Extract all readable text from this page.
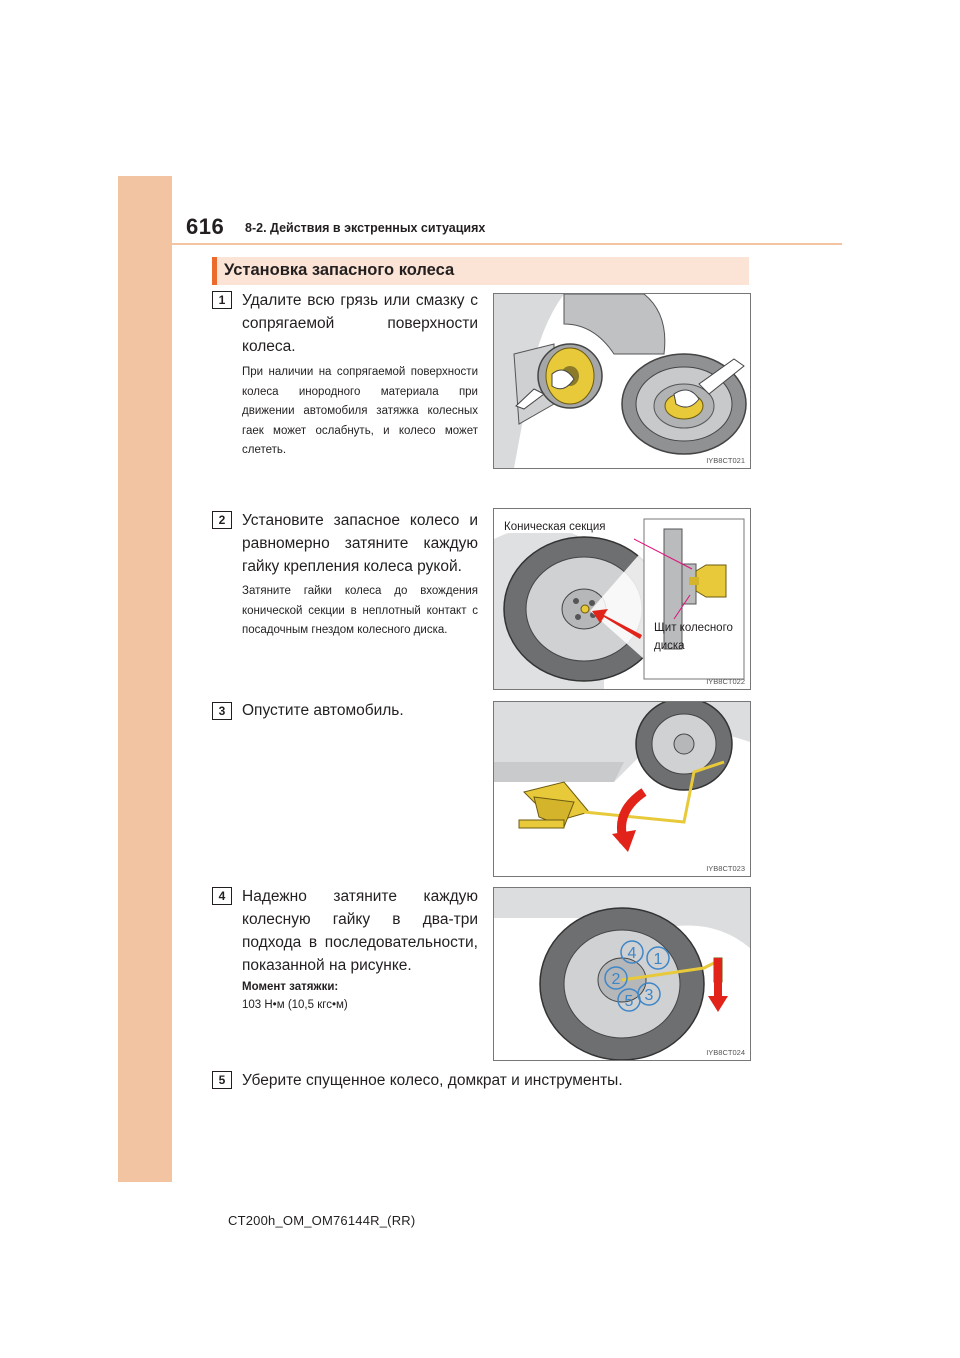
616 8-2. Действия в экстренных ситуациях
Установка запасного колеса
1	Удалите всю грязь или смазку с сопрягаемой поверхности колеса.
При наличии на сопрягаемой поверхности колеса инородного материала при движении автомобиля затяжка колесных гаек может ослабнуть, и колесо может слететь.
IYB8CT021
2	Установите запасное колесо и равномерно затяните каждую гайку крепления колеса рукой.
Затяните гайки колеса до вхождения конической секции в неплотный контакт с посадочным гнездом колесного диска.
Коническая секция
Щит колесного диска
IYB8CT022
3	Опустите автомобиль.
IYB8CT023
4	Надежно затяните каждую колесную гайку в два-три подхода в последовательности, показанной на рисунке.
Момент затяжки:
103 Н•м (10,5 кгс•м)
4 1
2
3
5
IYB8CT024
5	Уберите спущенное колесо, домкрат и инструменты.
CT200h_OM_OM76144R_(RR)
